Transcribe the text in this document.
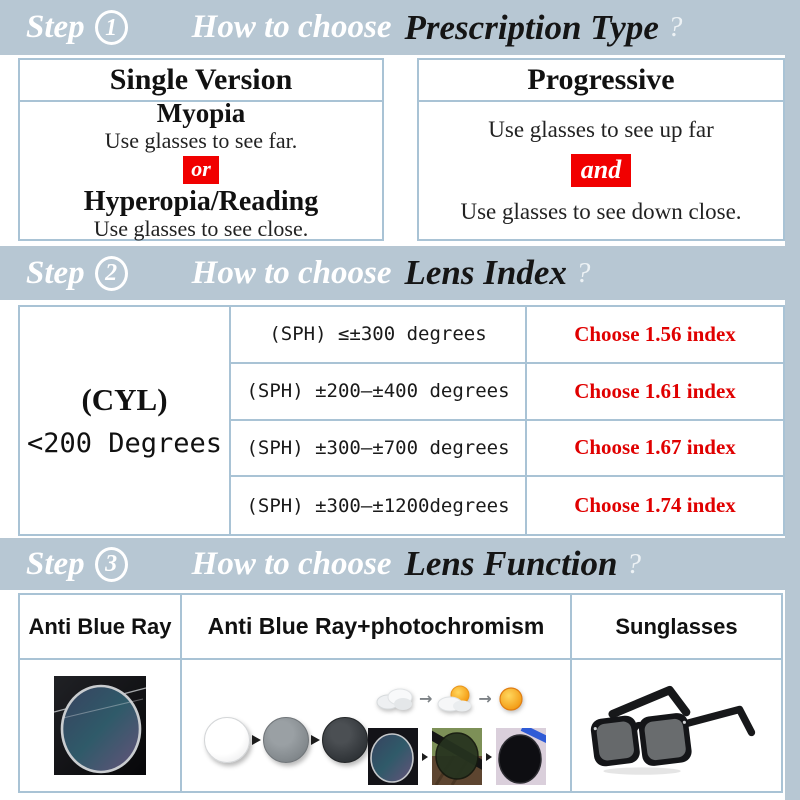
Step 1 How to choose Prescription Type ?
Single Version
Myopia
Use glasses to see far.
or
Hyperopia/Reading
Use glasses to see close.
Progressive
Use glasses to see up far
and
Use glasses to see down close.
Step 2 How to choose Lens Index ?
(CYL)
<200 Degrees
(SPH) ≤±300 degrees	Choose 1.56 index
(SPH) ±200—±400 degrees	Choose 1.61 index
(SPH) ±300—±700 degrees	Choose 1.67 index
(SPH) ±300—±1200degrees	Choose 1.74 index
Step 3 How to choose Lens Function ?
Anti Blue Ray	Anti Blue Ray+photochromism	Sunglasses
→	→
